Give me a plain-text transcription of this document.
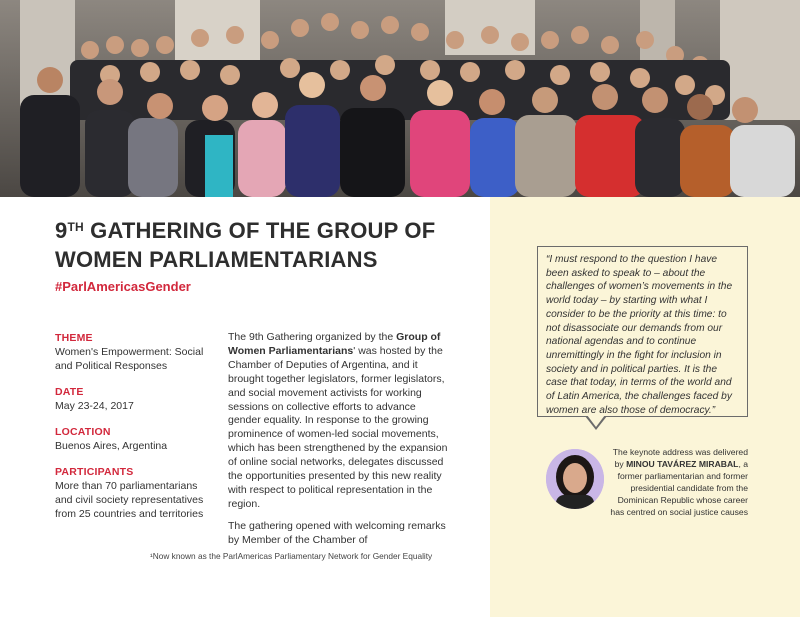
9TH GATHERING OF THE GROUP OF
WOMEN PARLIAMENTARIANS
#ParlAmericasGender
THEME
Women's Empowerment: Social and Political Responses
DATE
May 23-24, 2017
LOCATION
Buenos Aires, Argentina
PARTICIPANTS
More than 70 parliamentarians and civil society representatives from 25 countries and territories

The 9th Gathering organized by the Group of Women Parliamentarians' was hosted by the Chamber of Deputies of Argentina, and it brought together legislators, former legislators, and social movement activists for working sessions on collective efforts to advance gender equality. In response to the growing prominence of women-led social movements, which has been strengthened by the expansion of online social networks, delegates discussed the opportunities presented by this new reality with respect to political representation in the region.

The gathering opened with welcoming remarks by Member of the Chamber of

¹Now known as the ParlAmericas Parliamentary Network for Gender Equality
“I must respond to the question I have been asked to speak to – about the challenges of women’s movements in the world today – by starting with what I consider to be the priority at this time: to not disassociate our demands from our national agendas and to continue unremittingly in the fight for inclusion in society and in political parties. It is the case that today, in terms of the world and of Latin America, the challenges faced by women are also those of democracy.”
The keynote address was delivered by MINOU TAVÁREZ MIRABAL, a former parliamentarian and former presidential candidate from the Dominican Republic whose career has centred on social justice causes
